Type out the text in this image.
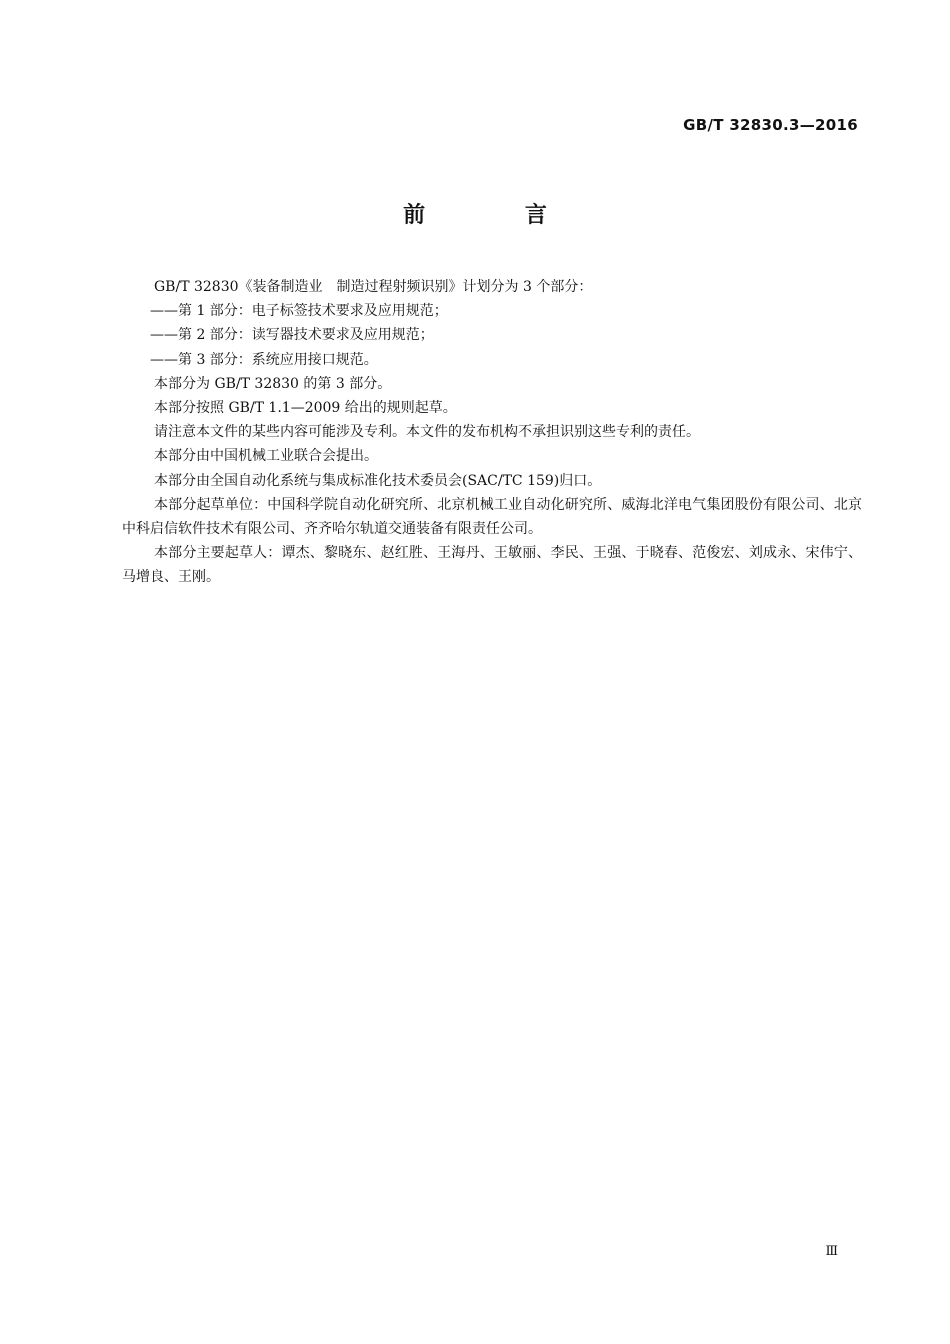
GB/T 32830.3—2016
前 言

GB/T 32830《装备制造业　制造过程射频识别》计划分为 3 个部分：

——第 1 部分：电子标签技术要求及应用规范；

——第 2 部分：读写器技术要求及应用规范；

——第 3 部分：系统应用接口规范。

本部分为 GB/T 32830 的第 3 部分。

本部分按照 GB/T 1.1—2009 给出的规则起草。

请注意本文件的某些内容可能涉及专利。本文件的发布机构不承担识别这些专利的责任。

本部分由中国机械工业联合会提出。

本部分由全国自动化系统与集成标准化技术委员会(SAC/TC 159)归口。

本部分起草单位：中国科学院自动化研究所、北京机械工业自动化研究所、威海北洋电气集团股份有限公司、北京中科启信软件技术有限公司、齐齐哈尔轨道交通装备有限责任公司。

本部分主要起草人：谭杰、黎晓东、赵红胜、王海丹、王敏丽、李民、王强、于晓春、范俊宏、刘成永、宋伟宁、马增良、王刚。

Ⅲ
